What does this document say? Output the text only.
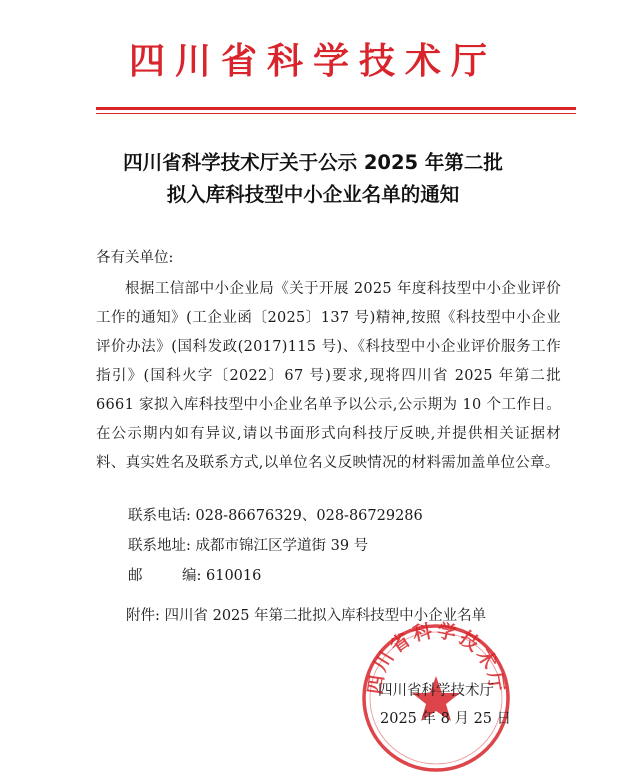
四川省科学技术厅
四川省科学技术厅关于公示 2025 年第二批
拟入库科技型中小企业名单的通知
各有关单位:
根据工信部中小企业局《关于开展 2025 年度科技型中小企业评价工作的通知》(工企业函〔2025〕137 号)精神,按照《科技型中小企业评价办法》(国科发政(2017)115 号)、《科技型中小企业评价服务工作指引》(国科火字〔2022〕67 号)要求,现将四川省 2025 年第二批 6661 家拟入库科技型中小企业名单予以公示,公示期为 10 个工作日。在公示期内如有异议,请以书面形式向科技厅反映,并提供相关证据材料、真实姓名及联系方式,以单位名义反映情况的材料需加盖单位公章。
联系电话: 028-86676329、028-86729286
联系地址: 成都市锦江区学道街 39 号
邮	编: 610016
附件: 四川省 2025 年第二批拟入库科技型中小企业名单
四川省科学技术厅
四川省科学技术厅
2025 年 8 月 25 日
